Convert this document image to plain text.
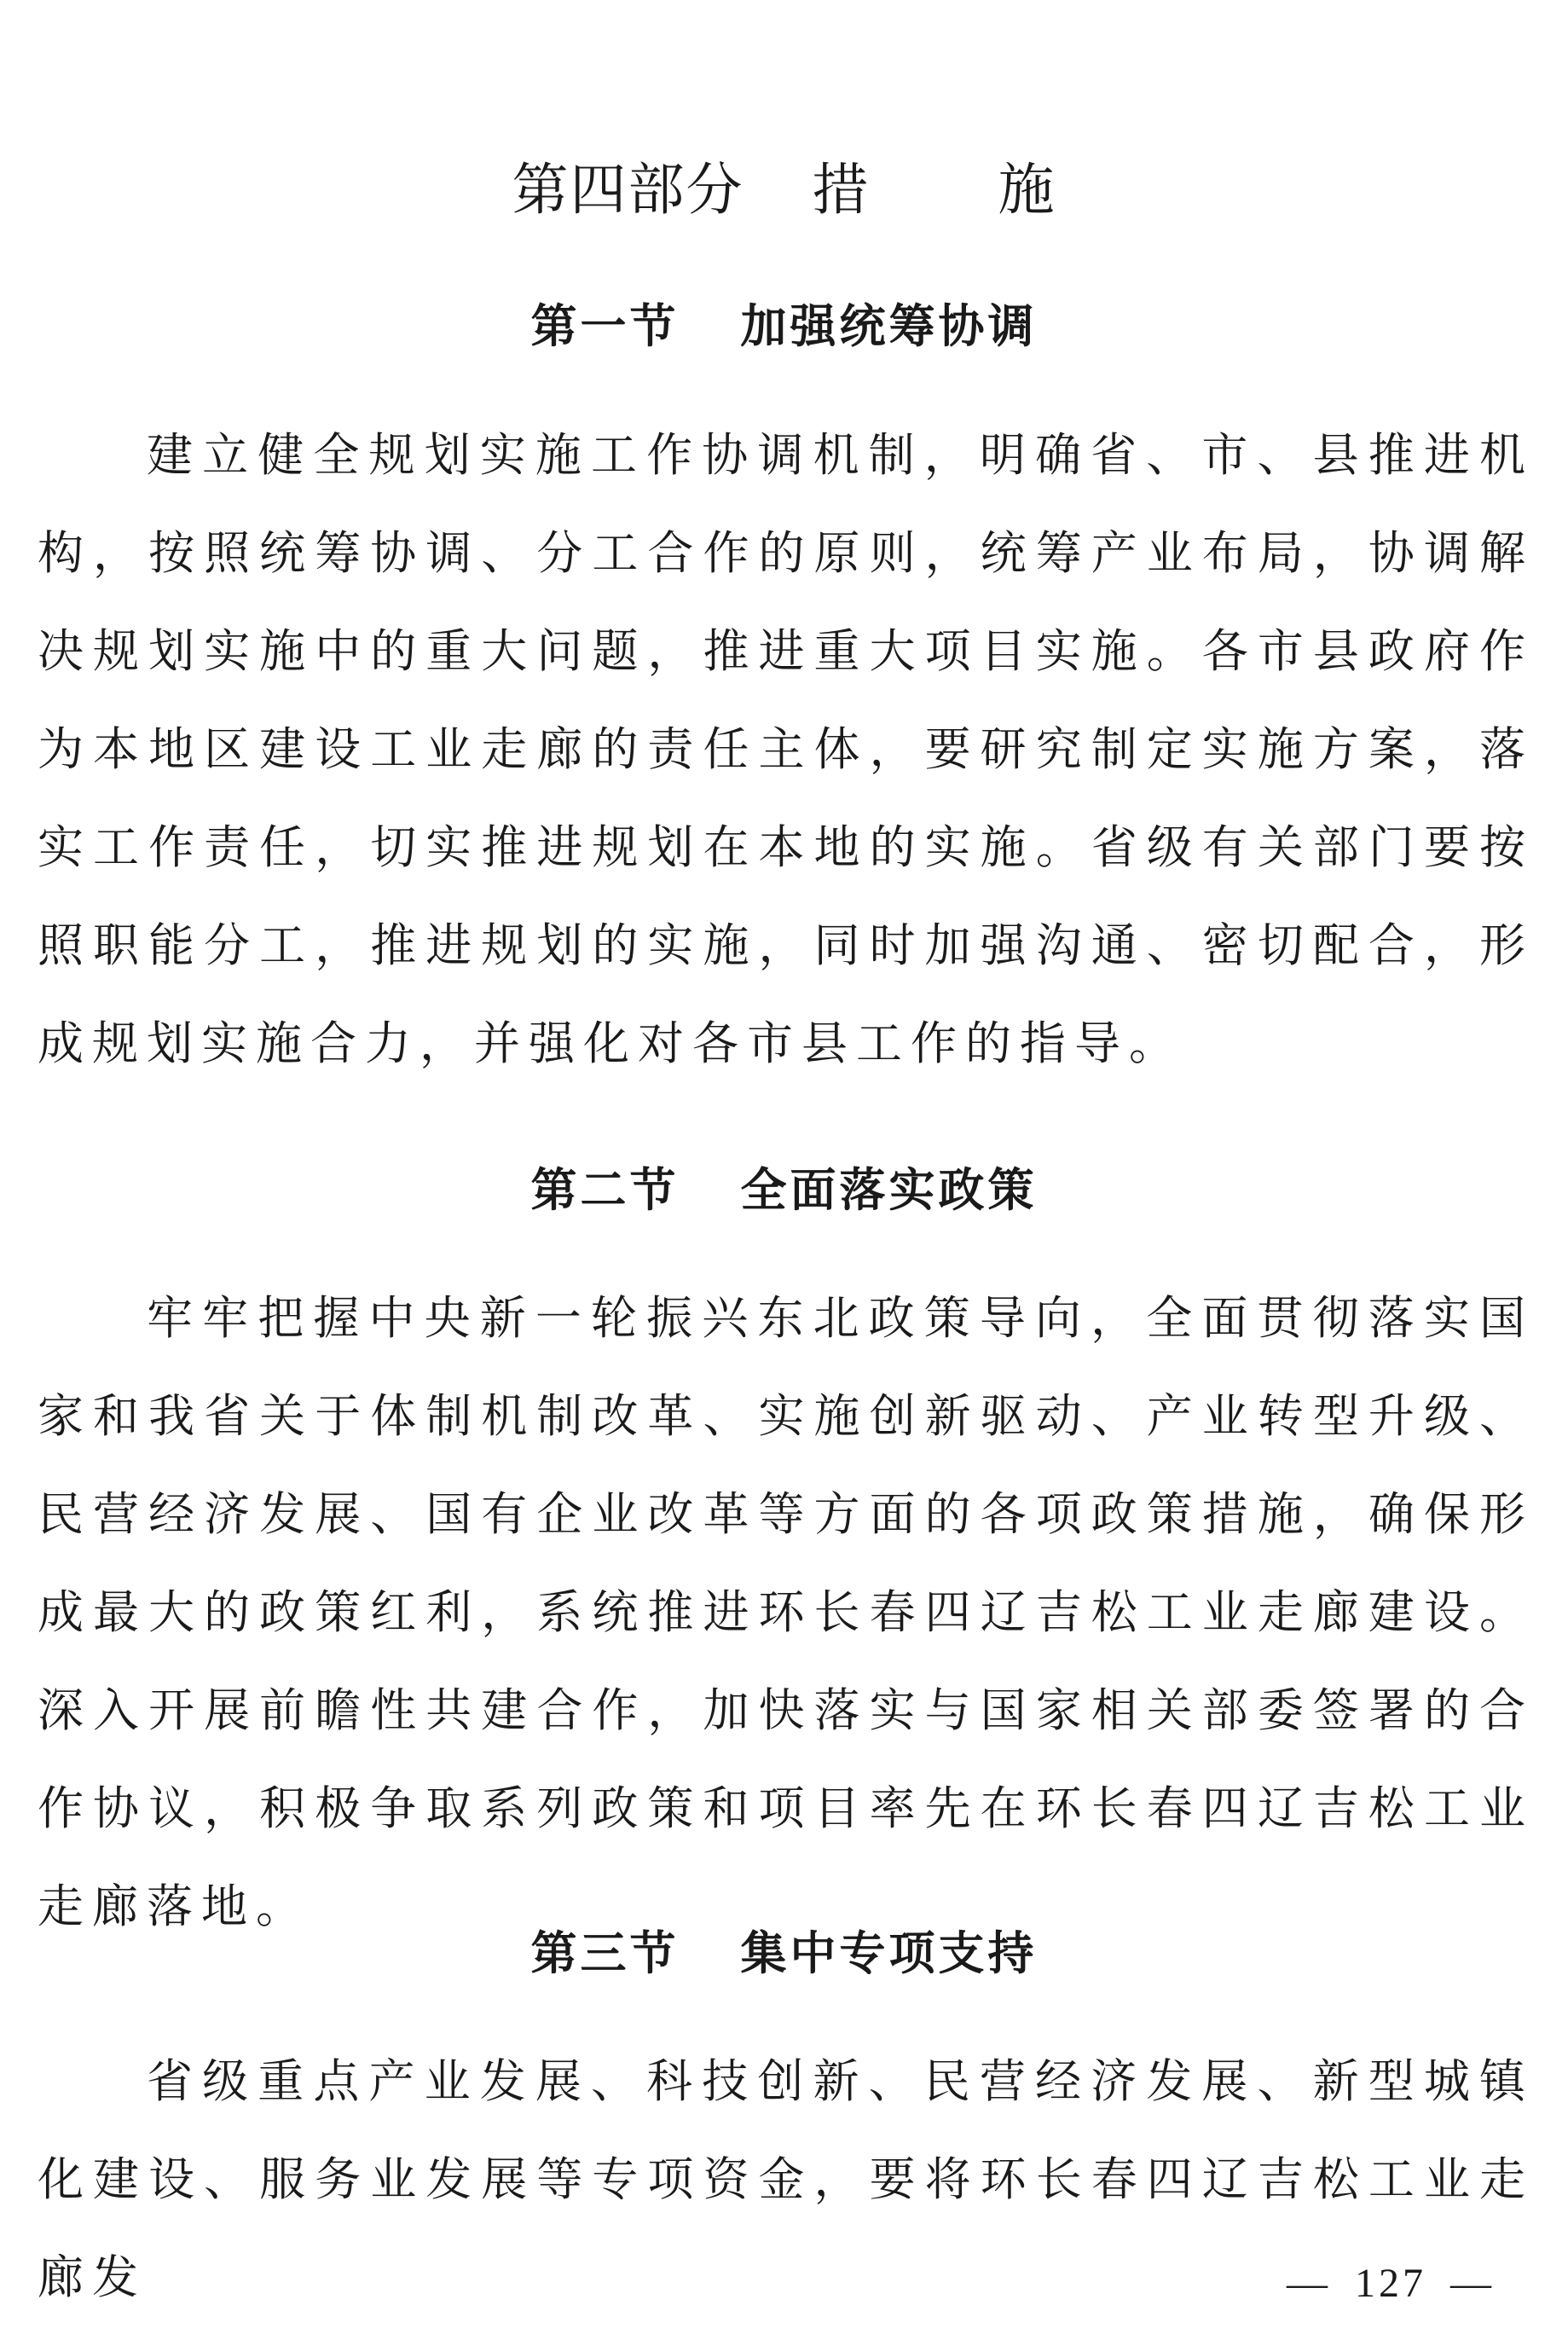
第四部分 措 施
第一节 加强统筹协调

建立健全规划实施工作协调机制，明确省、市、县推进机构，按照统筹协调、分工合作的原则，统筹产业布局，协调解决规划实施中的重大问题，推进重大项目实施。各市县政府作为本地区建设工业走廊的责任主体，要研究制定实施方案，落实工作责任，切实推进规划在本地的实施。省级有关部门要按照职能分工，推进规划的实施，同时加强沟通、密切配合，形成规划实施合力，并强化对各市县工作的指导。

第二节 全面落实政策

牢牢把握中央新一轮振兴东北政策导向，全面贯彻落实国家和我省关于体制机制改革、实施创新驱动、产业转型升级、民营经济发展、国有企业改革等方面的各项政策措施，确保形成最大的政策红利，系统推进环长春四辽吉松工业走廊建设。深入开展前瞻性共建合作，加快落实与国家相关部委签署的合作协议，积极争取系列政策和项目率先在环长春四辽吉松工业走廊落地。

第三节 集中专项支持

省级重点产业发展、科技创新、民营经济发展、新型城镇化建设、服务业发展等专项资金，要将环长春四辽吉松工业走廊发	— 127 —
